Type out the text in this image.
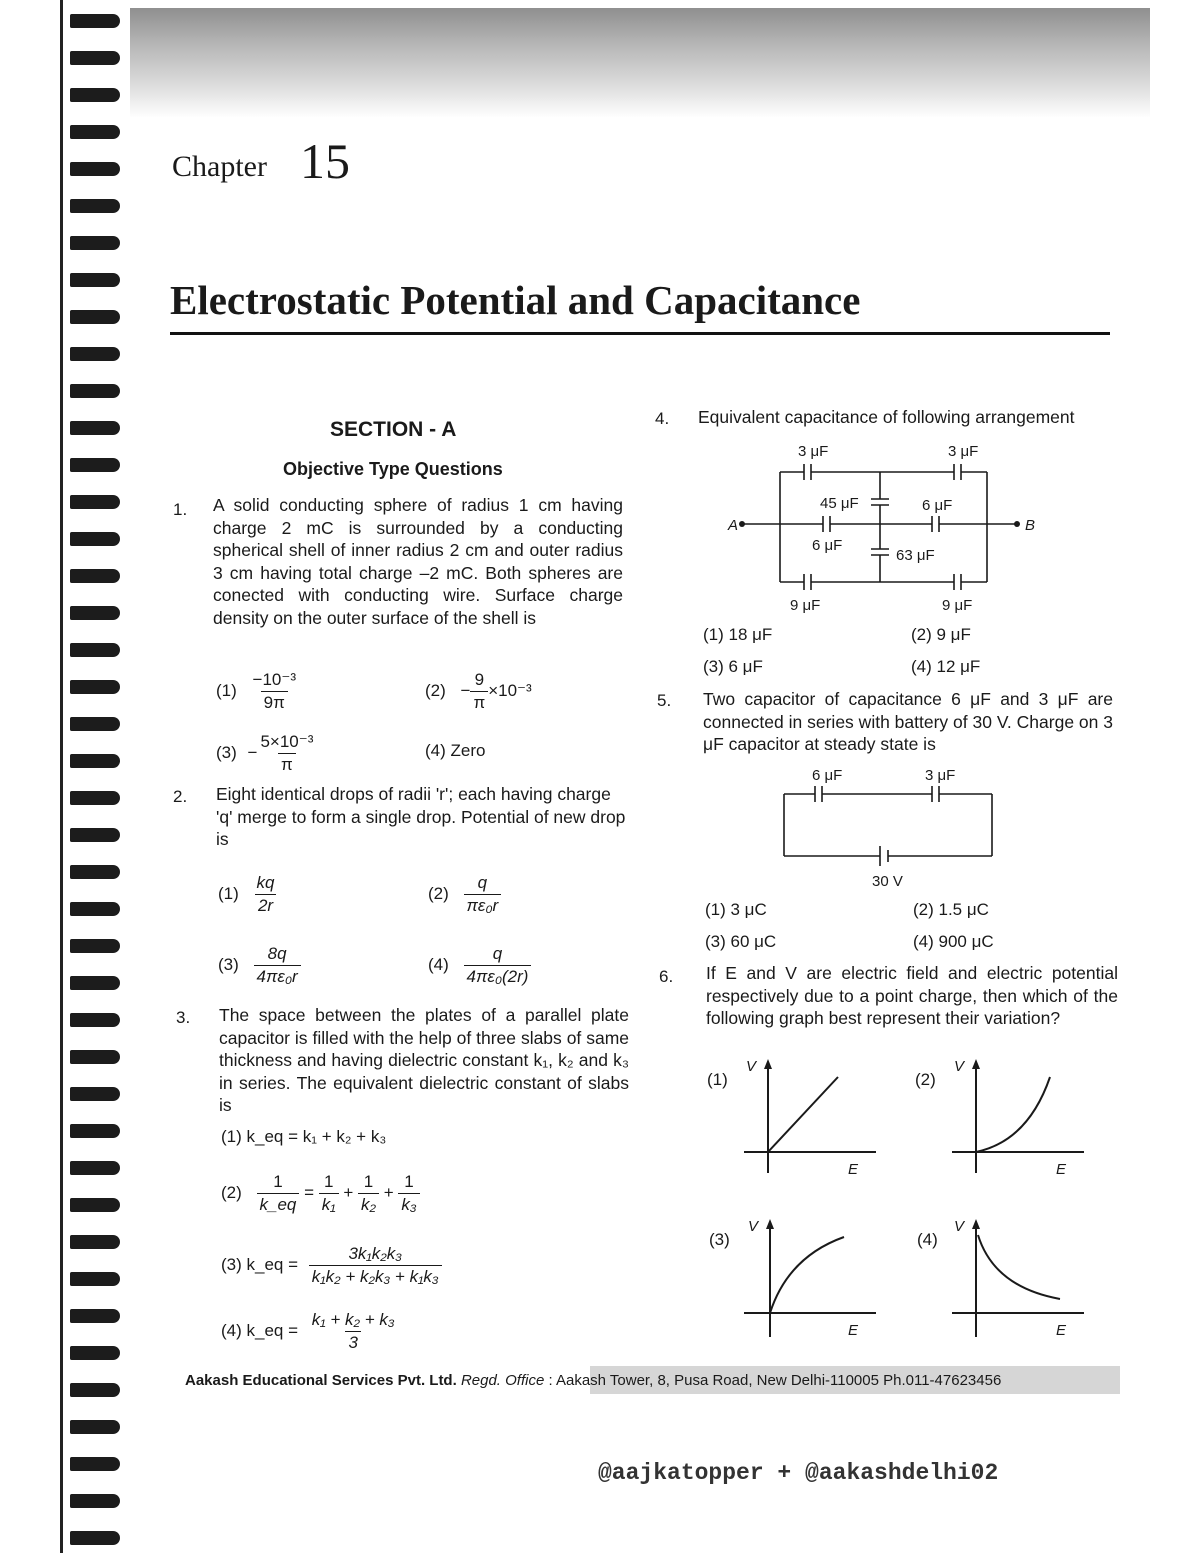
Chapter 15
Electrostatic Potential and Capacitance
SECTION - A
Objective Type Questions
1. A solid conducting sphere of radius 1 cm having charge 2 mC is surrounded by a conducting spherical shell of inner radius 2 cm and outer radius 3 cm having total charge –2 mC. Both spheres are conected with conducting wire. Surface charge density on the outer surface of the shell is
$(1) \frac{\text{−10⁻³}}{9\pi}$	$(2) - \frac{9}{\pi} \times 10^{-3}$
$(3) - \frac{\text{5×10⁻³}}{\pi}$	(4) Zero
2. Eight identical drops of radii 'r'; each having charge 'q' merge to form a single drop. Potential of new drop is
$(1) \frac{kq}{2r}$	$(2) \frac{q}{\text{πε₀r}}$
$(3) \frac{8q}{\text{4πε₀r}}$	$(4) \frac{q}{\text{4πε₀(2r)}}$
3. The space between the plates of a parallel plate capacitor is filled with the help of three slabs of same thickness and having dielectric constant k₁, k₂ and k₃ in series. The equivalent dielectric constant of slabs is
(1) k_eq = k₁ + k₂ + k₃
$(2) \frac{1}{k\_eq} = \frac{1}{\text{k₁}} + \frac{1}{\text{k₂}} + \frac{1}{\text{k₃}}$
(3) k_eq = $\frac{\text{3k₁k₂k₃}}{\text{k₁k₂ + k₂k₃ + k₁k₃}}$
(4) k_eq = $\frac{\text{k₁ + k₂ + k₃}}{3}$
4. Equivalent capacitance of following arrangement
3 μF	3 μF
45 μF	6 μF
6 μF
63 μF
9 μF	9 μF
A	B
(1) 18 μF	(2) 9 μF
(3) 6 μF	(4) 12 μF
5. Two capacitor of capacitance 6 μF and 3 μF are connected in series with battery of 30 V. Charge on 3 μF capacitor at steady state is
6 μF	3 μF
30 V
(1) 3 μC	(2) 1.5 μC
(3) 60 μC	(4) 900 μC
6. If E and V are electric field and electric potential respectively due to a point charge, then which of the following graph best represent their variation?
(1)
V
E
(2)
V
E
(3)
V
E
(4)
V
E
Aakash Educational Services Pvt. Ltd. Regd. Office : Aakash Tower, 8, Pusa Road, New Delhi-110005 Ph.011-47623456
@aajkatopper + @aakashdelhi02
